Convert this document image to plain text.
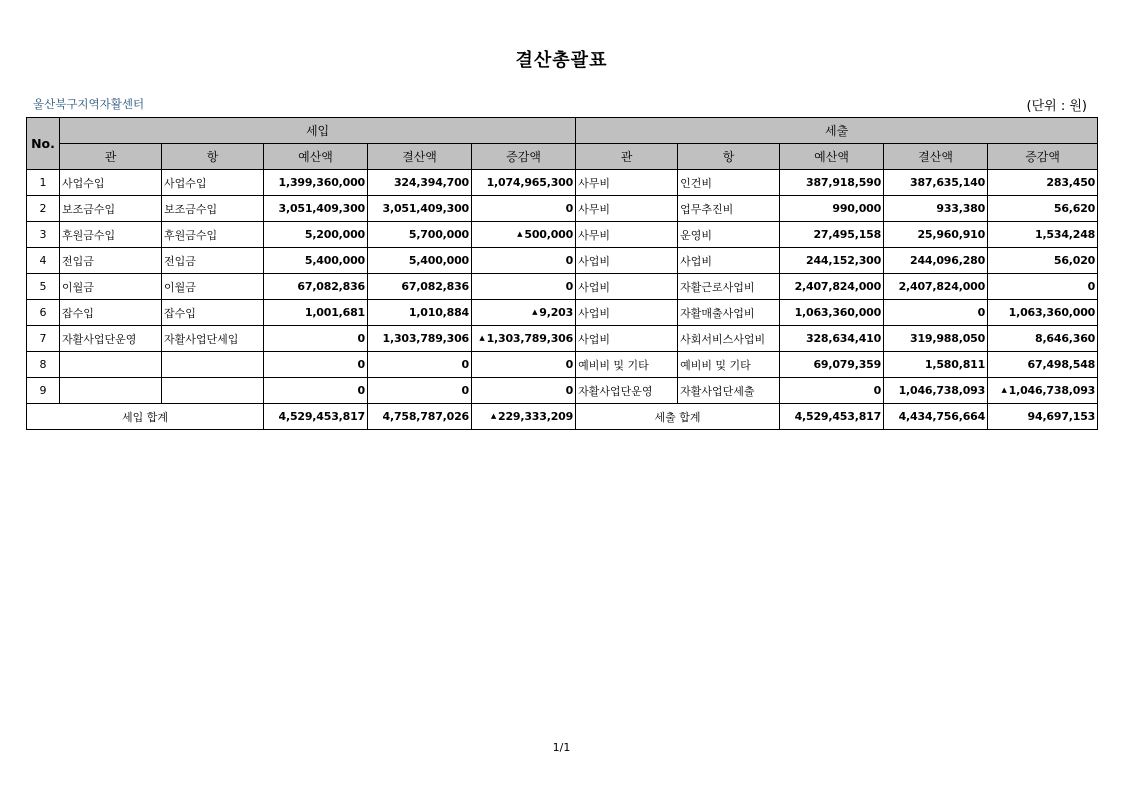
결산총괄표
울산북구지역자활센터	(단위 : 원)
No.	세입					세출				
	관	항	예산액	결산액	증감액	관	항	예산액	결산액	증감액
1	사업수입	사업수입	1,399,360,000	324,394,700	1,074,965,300	사무비	인건비	387,918,590	387,635,140	283,450
2	보조금수입	보조금수입	3,051,409,300	3,051,409,300	0	사무비	업무추진비	990,000	933,380	56,620
3	후원금수입	후원금수입	5,200,000	5,700,000	▲ 500,000	사무비	운영비	27,495,158	25,960,910	1,534,248
4	전입금	전입금	5,400,000	5,400,000	0	사업비	사업비	244,152,300	244,096,280	56,020
5	이월금	이월금	67,082,836	67,082,836	0	사업비	자활근로사업비	2,407,824,000	2,407,824,000	0
6	잡수입	잡수입	1,001,681	1,010,884	▲ 9,203	사업비	자활매출사업비	1,063,360,000	0	1,063,360,000
7	자활사업단운영	자활사업단세입	0	1,303,789,306	▲ 1,303,789,306	사업비	사회서비스사업비	328,634,410	319,988,050	8,646,360
8			0	0	0	예비비 및 기타	예비비 및 기타	69,079,359	1,580,811	67,498,548
9			0	0	0	자활사업단운영	자활사업단세출	0	1,046,738,093	▲ 1,046,738,093
세입 합계			4,529,453,817	4,758,787,026	▲ 229,333,209	세출 합계		4,529,453,817	4,434,756,664	94,697,153
1/1
